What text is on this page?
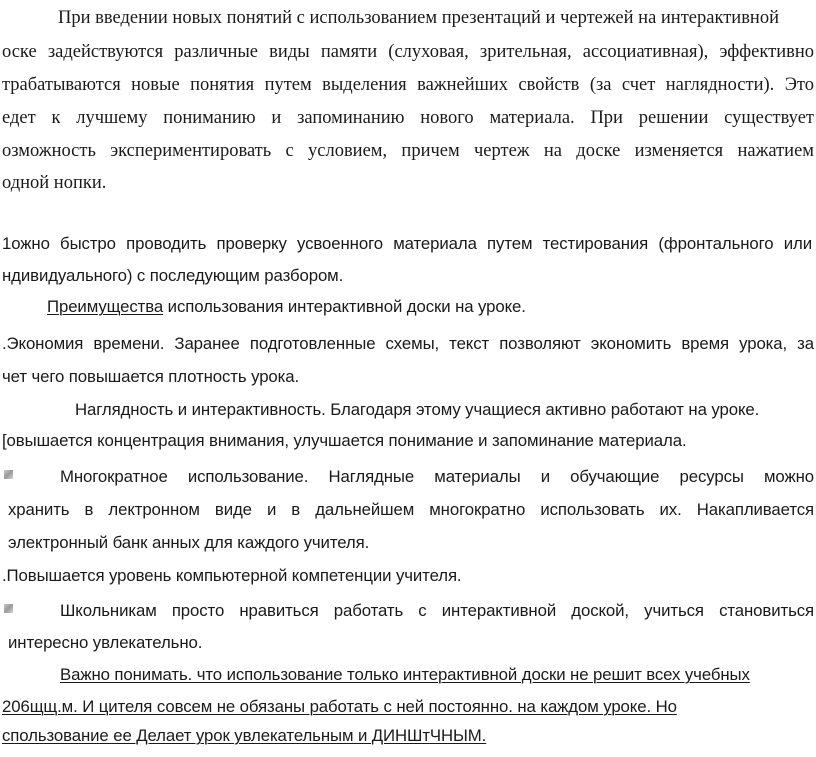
При введении новых понятий с использованием презентаций и чертежей на интерактивной
оске задействуются различные виды памяти (слуховая, зрительная, ассоциативная), эффективно
трабатываются новые понятия путем выделения важнейших свойств (за счет наглядности). Это
едет к лучшему пониманию и запоминанию нового материала. При решении существует
озможность экспериментировать с условием, причем чертеж на доске изменяется нажатием
одной нопки.
1ожно быстро проводить проверку усвоенного материала путем тестирования (фронтального или
ндивидуального) с последующим разбором.
Преимущества использования интерактивной доски на уроке.
.Экономия времени. Заранее подготовленные схемы, текст позволяют экономить время урока, за
чет чего повышается плотность урока.
Наглядность и интерактивность. Благодаря этому учащиеся активно работают на уроке.
[овышается концентрация внимания, улучшается понимание и запоминание материала.
Многократное использование. Наглядные материалы и обучающие ресурсы можно
хранить в лектронном виде и в дальнейшем многократно использовать их. Накапливается
электронный банк анных для каждого учителя.
.Повышается уровень компьютерной компетенции учителя.
Школьникам просто нравиться работать с интерактивной доской, учиться становиться
интересно увлекательно.
Важно понимать. что использование только интерактивной доски не решит всех учебных
206щщ.м. И цителя совсем не обязаны работать с ней постоянно. на каждом уроке. Но
спользование ее Делает урок увлекательным и ДИНШтЧНЫМ.
